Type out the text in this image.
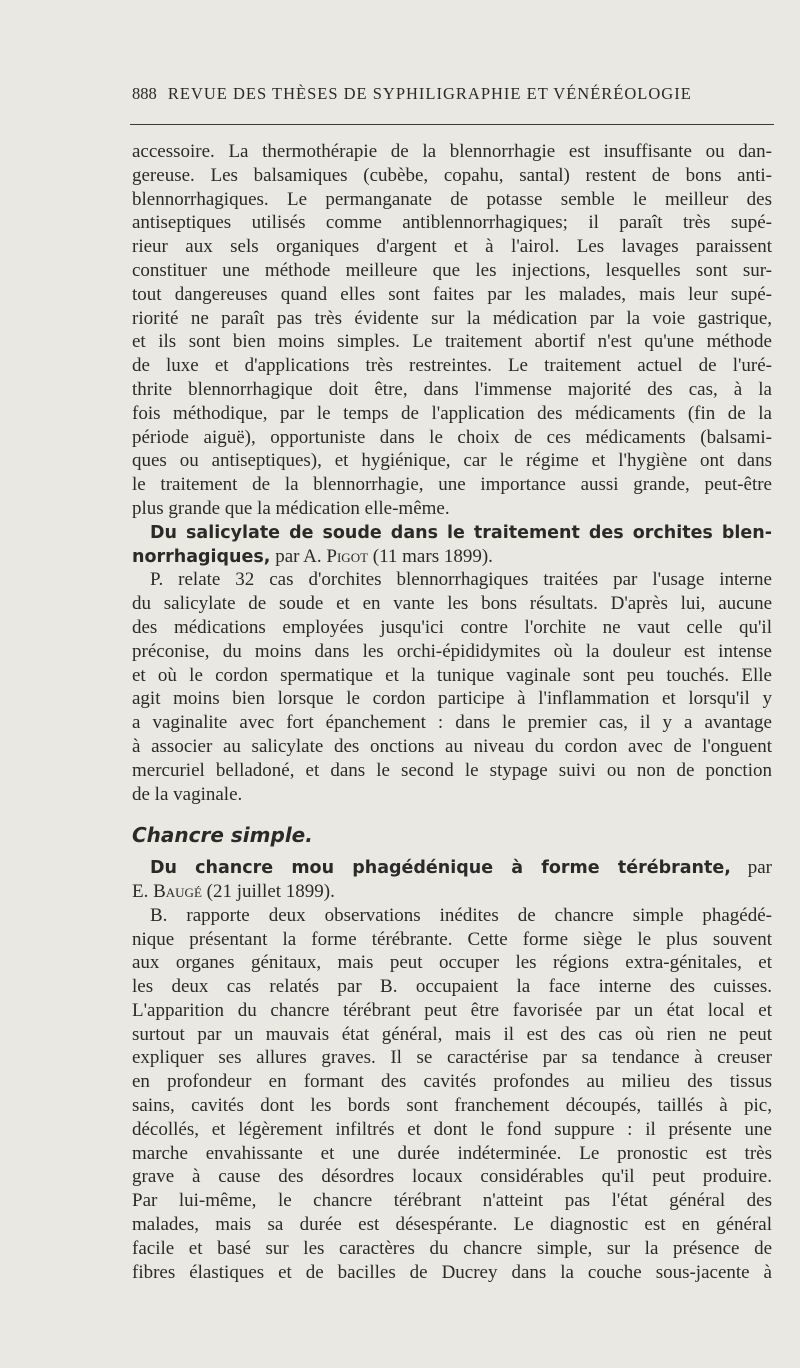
888 REVUE DES THÈSES DE SYPHILIGRAPHIE ET VÉNÉRÉOLOGIE
accessoire. La thermothérapie de la blennorrhagie est insuffisante ou dan-
gereuse. Les balsamiques (cubèbe, copahu, santal) restent de bons anti-
blennorrhagiques. Le permanganate de potasse semble le meilleur des
antiseptiques utilisés comme antiblennorrhagiques; il paraît très supé-
rieur aux sels organiques d'argent et à l'airol. Les lavages paraissent
constituer une méthode meilleure que les injections, lesquelles sont sur-
tout dangereuses quand elles sont faites par les malades, mais leur supé-
riorité ne paraît pas très évidente sur la médication par la voie gastrique,
et ils sont bien moins simples. Le traitement abortif n'est qu'une méthode
de luxe et d'applications très restreintes. Le traitement actuel de l'uré-
thrite blennorrhagique doit être, dans l'immense majorité des cas, à la
fois méthodique, par le temps de l'application des médicaments (fin de la
période aiguë), opportuniste dans le choix de ces médicaments (balsami-
ques ou antiseptiques), et hygiénique, car le régime et l'hygiène ont dans
le traitement de la blennorrhagie, une importance aussi grande, peut-être
plus grande que la médication elle-même.
Du salicylate de soude dans le traitement des orchites blen-
norrhagiques, par A. Pigot (11 mars 1899).
P. relate 32 cas d'orchites blennorrhagiques traitées par l'usage interne
du salicylate de soude et en vante les bons résultats. D'après lui, aucune
des médications employées jusqu'ici contre l'orchite ne vaut celle qu'il
préconise, du moins dans les orchi-épididymites où la douleur est intense
et où le cordon spermatique et la tunique vaginale sont peu touchés. Elle
agit moins bien lorsque le cordon participe à l'inflammation et lorsqu'il y
a vaginalite avec fort épanchement : dans le premier cas, il y a avantage
à associer au salicylate des onctions au niveau du cordon avec de l'onguent
mercuriel belladoné, et dans le second le stypage suivi ou non de ponction
de la vaginale.
Chancre simple.
Du chancre mou phagédénique à forme térébrante, par
E. Baugé (21 juillet 1899).
B. rapporte deux observations inédites de chancre simple phagédé-
nique présentant la forme térébrante. Cette forme siège le plus souvent
aux organes génitaux, mais peut occuper les régions extra-génitales, et
les deux cas relatés par B. occupaient la face interne des cuisses.
L'apparition du chancre térébrant peut être favorisée par un état local et
surtout par un mauvais état général, mais il est des cas où rien ne peut
expliquer ses allures graves. Il se caractérise par sa tendance à creuser
en profondeur en formant des cavités profondes au milieu des tissus
sains, cavités dont les bords sont franchement découpés, taillés à pic,
décollés, et légèrement infiltrés et dont le fond suppure : il présente une
marche envahissante et une durée indéterminée. Le pronostic est très
grave à cause des désordres locaux considérables qu'il peut produire.
Par lui-même, le chancre térébrant n'atteint pas l'état général des
malades, mais sa durée est désespérante. Le diagnostic est en général
facile et basé sur les caractères du chancre simple, sur la présence de
fibres élastiques et de bacilles de Ducrey dans la couche sous-jacente à
